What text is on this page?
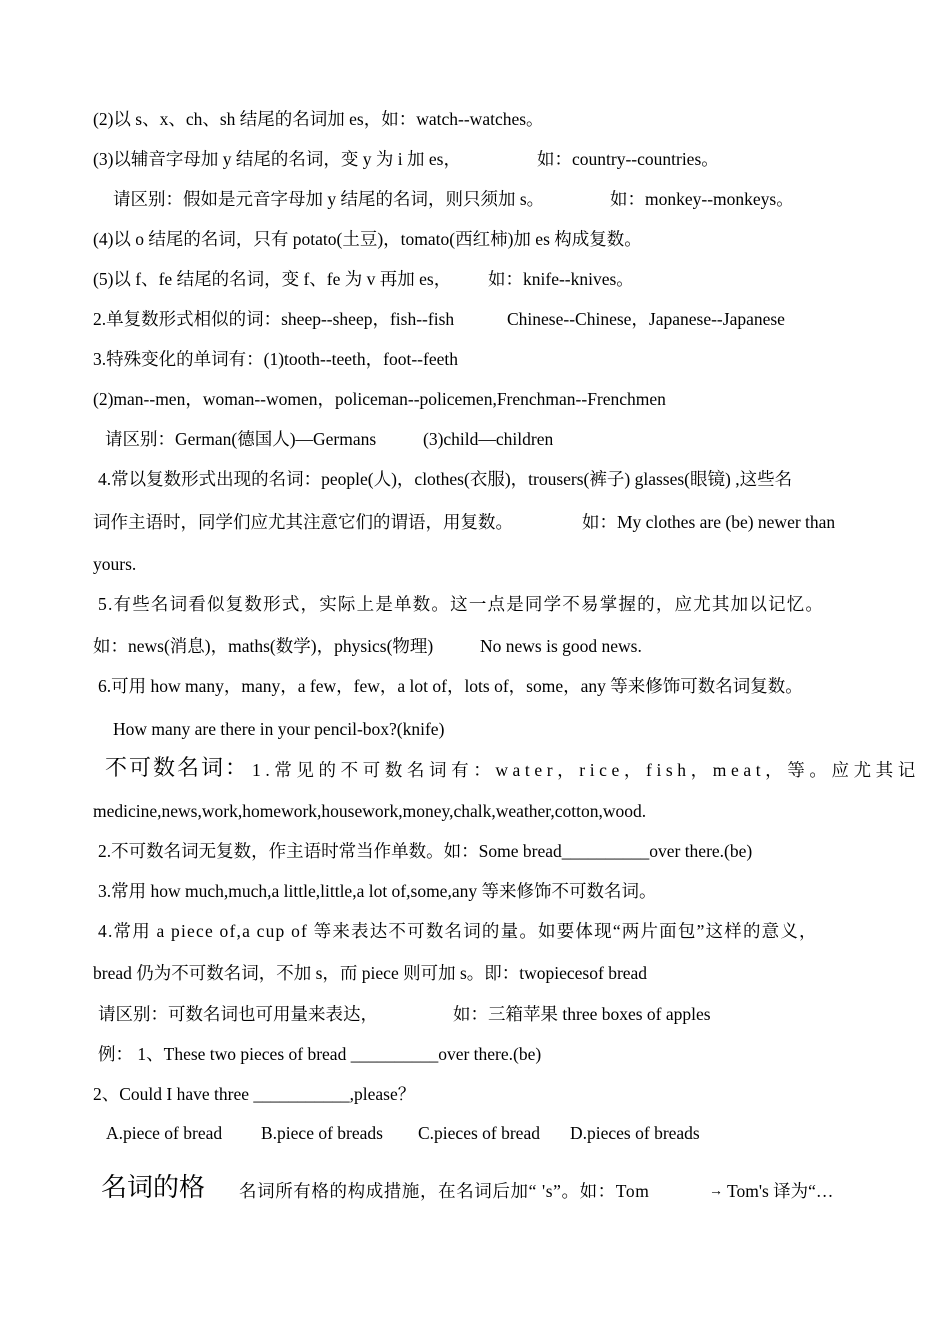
(2)以 s、x、ch、sh 结尾的名词加 es，如：watch--watches。
(3)以辅音字母加 y 结尾的名词，变 y 为 i 加 es，	如：country--countries。
请区别：假如是元音字母加 y 结尾的名词，则只须加 s。	如：monkey--monkeys。
(4)以 o 结尾的名词，只有 potato(土豆)，tomato(西红柿)加 es 构成复数。
(5)以 f、fe 结尾的名词，变 f、fe 为 v 再加 es， 如：knife--knives。
2.单复数形式相似的词：sheep--sheep，fish--fish	Chinese--Chinese，Japanese--Japanese
3.特殊变化的单词有：(1)tooth--teeth，foot--feeth
(2)man--men，woman--women，policeman--policemen,Frenchman--Frenchmen
请区别：German(德国人)—Germans	(3)child—children
4.常以复数形式出现的名词：people(人)，clothes(衣服)，trousers(裤子) glasses(眼镜) ,这些名
词作主语时，同学们应尤其注意它们的谓语，用复数。	如：My clothes are (be) newer than
yours.
5.有些名词看似复数形式，实际上是单数。这一点是同学不易掌握的，应尤其加以记忆。
如：news(消息)，maths(数学)，physics(物理)	No news is good news.
6.可用 how many，many，a few，few，a lot of，lots of，some，any 等来修饰可数名词复数。
How many are there in your pencil-box?(knife)
不可数名词： 1.常见的不可数名词有：water，rice，fish，meat，等。应尤其记
medicine,news,work,homework,housework,money,chalk,weather,cotton,wood.
2.不可数名词无复数，作主语时常当作单数。如：Some bread__________over there.(be)
3.常用 how much,much,a little,little,a lot of,some,any 等来修饰不可数名词。
4.常用 a piece of,a cup of 等来表达不可数名词的量。如要体现“两片面包”这样的意义，
bread 仍为不可数名词，不加 s，而 piece 则可加 s。即：twopiecesof bread
请区别：可数名词也可用量来表达，	如：三箱苹果 three boxes of apples
例： 1、These two pieces of bread __________over there.(be)
2、Could I have three ___________,please？
A.piece of bread B.piece of breads C.pieces of bread D.pieces of breads
名词的格 名词所有格的构成措施，在名词后加“ 's”。如：Tom	→ Tom's 译为“…
